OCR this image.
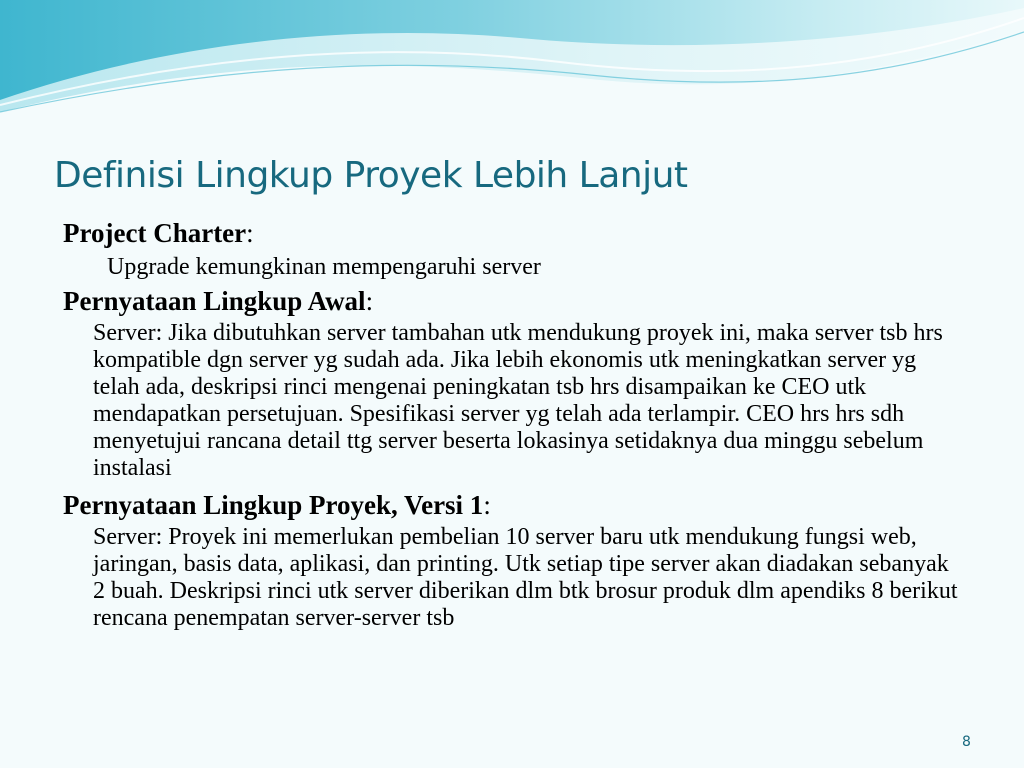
Definisi Lingkup Proyek Lebih Lanjut
Project Charter:

Upgrade kemungkinan mempengaruhi server

Pernyataan Lingkup Awal:

Server: Jika dibutuhkan server tambahan utk mendukung proyek ini, maka server tsb hrs kompatible dgn server yg sudah ada. Jika lebih ekonomis utk meningkatkan server yg telah ada, deskripsi rinci mengenai peningkatan tsb hrs disampaikan ke CEO utk mendapatkan persetujuan. Spesifikasi server yg telah ada terlampir. CEO hrs hrs sdh menyetujui rancana detail ttg server beserta lokasinya setidaknya dua minggu sebelum instalasi

Pernyataan Lingkup Proyek, Versi 1:

Server: Proyek ini memerlukan pembelian 10 server baru utk mendukung fungsi web, jaringan, basis data, aplikasi, dan printing. Utk setiap tipe server akan diadakan sebanyak 2 buah. Deskripsi rinci utk server diberikan dlm btk brosur produk dlm apendiks 8 berikut rencana penempatan server-server tsb

8
